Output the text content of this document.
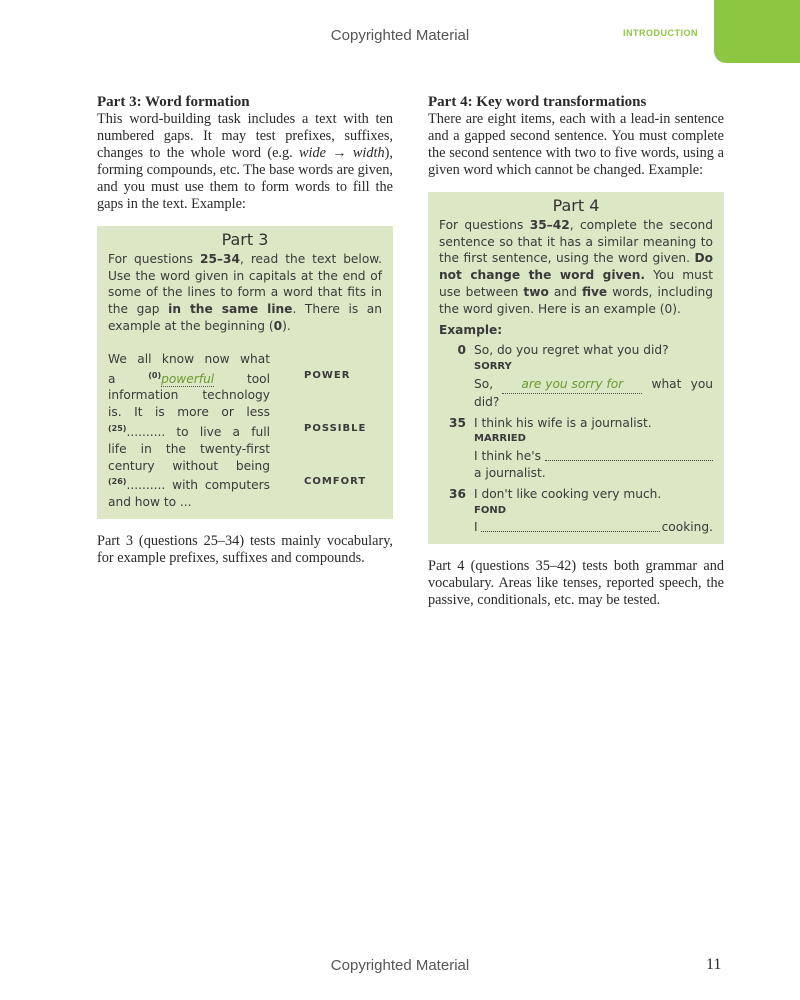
Copyrighted Material	INTRODUCTION
Part 3: Word formation

This word-building task includes a text with ten numbered gaps. It may test prefixes, suffixes, changes to the whole word (e.g. wide → width), forming compounds, etc. The base words are given, and you must use them to form words to fill the gaps in the text. Example:

Part 3

For questions 25–34, read the text below. Use the word given in capitals at the end of some of the lines to form a word that fits in the gap in the same line. There is an example at the beginning (0).

We all know now what
a	$^{(0)}$powerful	tool	POWER
information technology
is. It is more or less
$^{(25)}$.......... to live a full	POSSIBLE
life in the twenty-first
century without being
$^{(26)}$.......... with computers	COMFORT
and how to ...

Part 3 (questions 25–34) tests mainly vocabulary, for example prefixes, suffixes and compounds.

Part 4: Key word transformations

There are eight items, each with a lead-in sentence and a gapped second sentence. You must complete the second sentence with two to five words, using a given word which cannot be changed. Example:

Part 4

For questions 35–42, complete the second sentence so that it has a similar meaning to the first sentence, using the word given. Do not change the word given. You must use between two and five words, including the word given. Here is an example (0).

Example:
0 So, do you regret what you did?
SORRY
So, are you sorry for what you did?
35 I think his wife is a journalist.
MARRIED
I think he's
a journalist.
36 I don't like cooking very much.
FOND
I	cooking.

Part 4 (questions 35–42) tests both grammar and vocabulary. Areas like tenses, reported speech, the passive, conditionals, etc. may be tested.

Copyrighted Material	11
